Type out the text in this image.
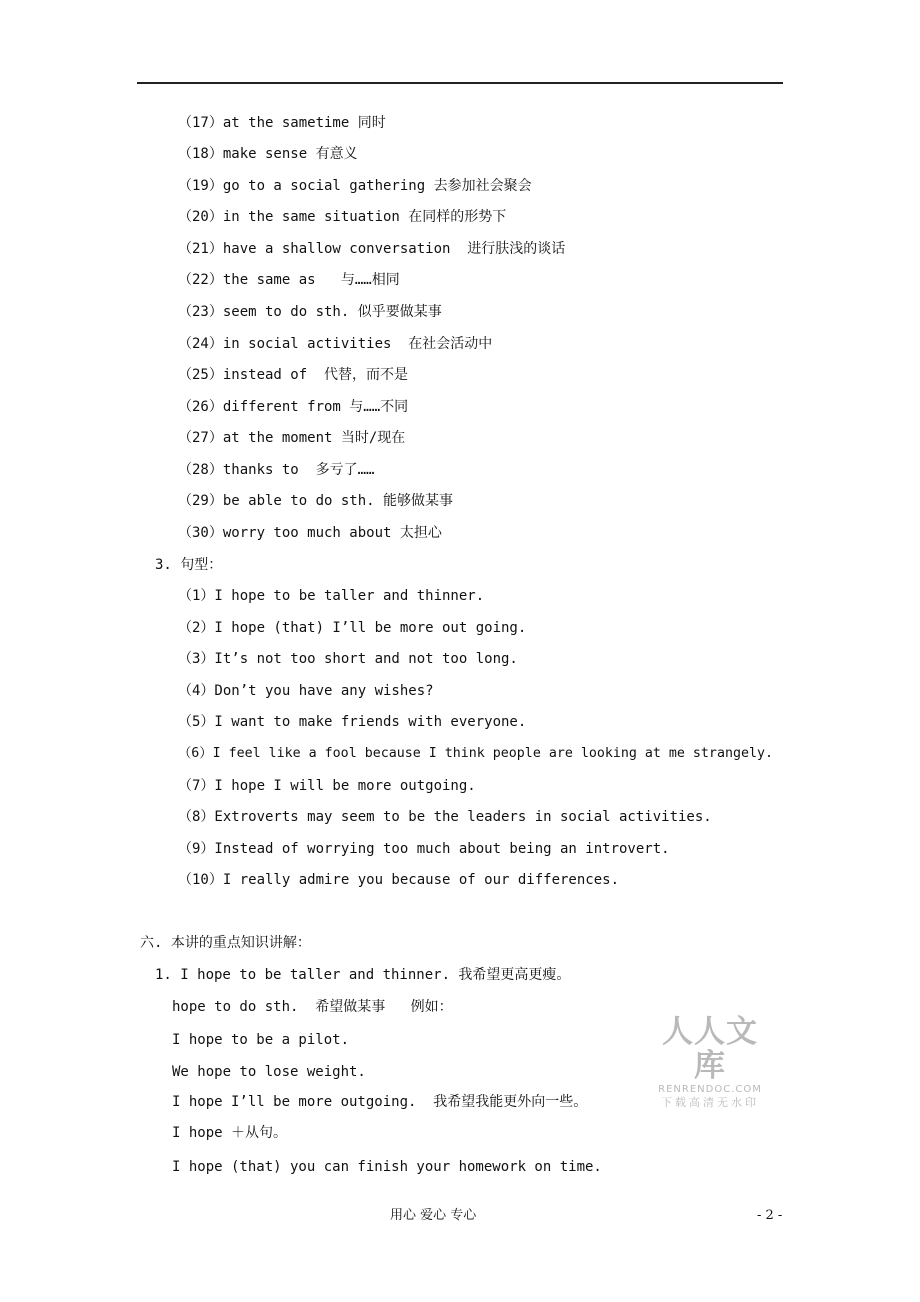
（17）at the sametime 同时
（18）make sense 有意义
（19）go to a social gathering 去参加社会聚会
（20）in the same situation 在同样的形势下
（21）have a shallow conversation  进行肤浅的谈话
（22）the same as   与……相同
（23）seem to do sth. 似乎要做某事
（24）in social activities  在社会活动中
（25）instead of  代替，而不是
（26）different from 与……不同
（27）at the moment 当时/现在
（28）thanks to  多亏了……
（29）be able to do sth. 能够做某事
（30）worry too much about 太担心
3. 句型：
（1）I hope to be taller and thinner.
（2）I hope (that) I’ll be more out going.
（3）It’s not too short and not too long.
（4）Don’t you have any wishes?
（5）I want to make friends with everyone.
（6）I feel like a fool because I think people are looking at me strangely.
（7）I hope I will be more outgoing.
（8）Extroverts may seem to be the leaders in social activities.
（9）Instead of worrying too much about being an introvert.
（10）I really admire you because of our differences.
六. 本讲的重点知识讲解：
1. I hope to be taller and thinner. 我希望更高更瘦。
hope to do sth.  希望做某事   例如：
I hope to be a pilot.
We hope to lose weight.
I hope I’ll be more outgoing.  我希望我能更外向一些。
I hope ＋从句。
I hope (that) you can finish your homework on time.
人人文库
RENRENDOC.COM
下载高清无水印
用心 爱心 专心	- 2 -
